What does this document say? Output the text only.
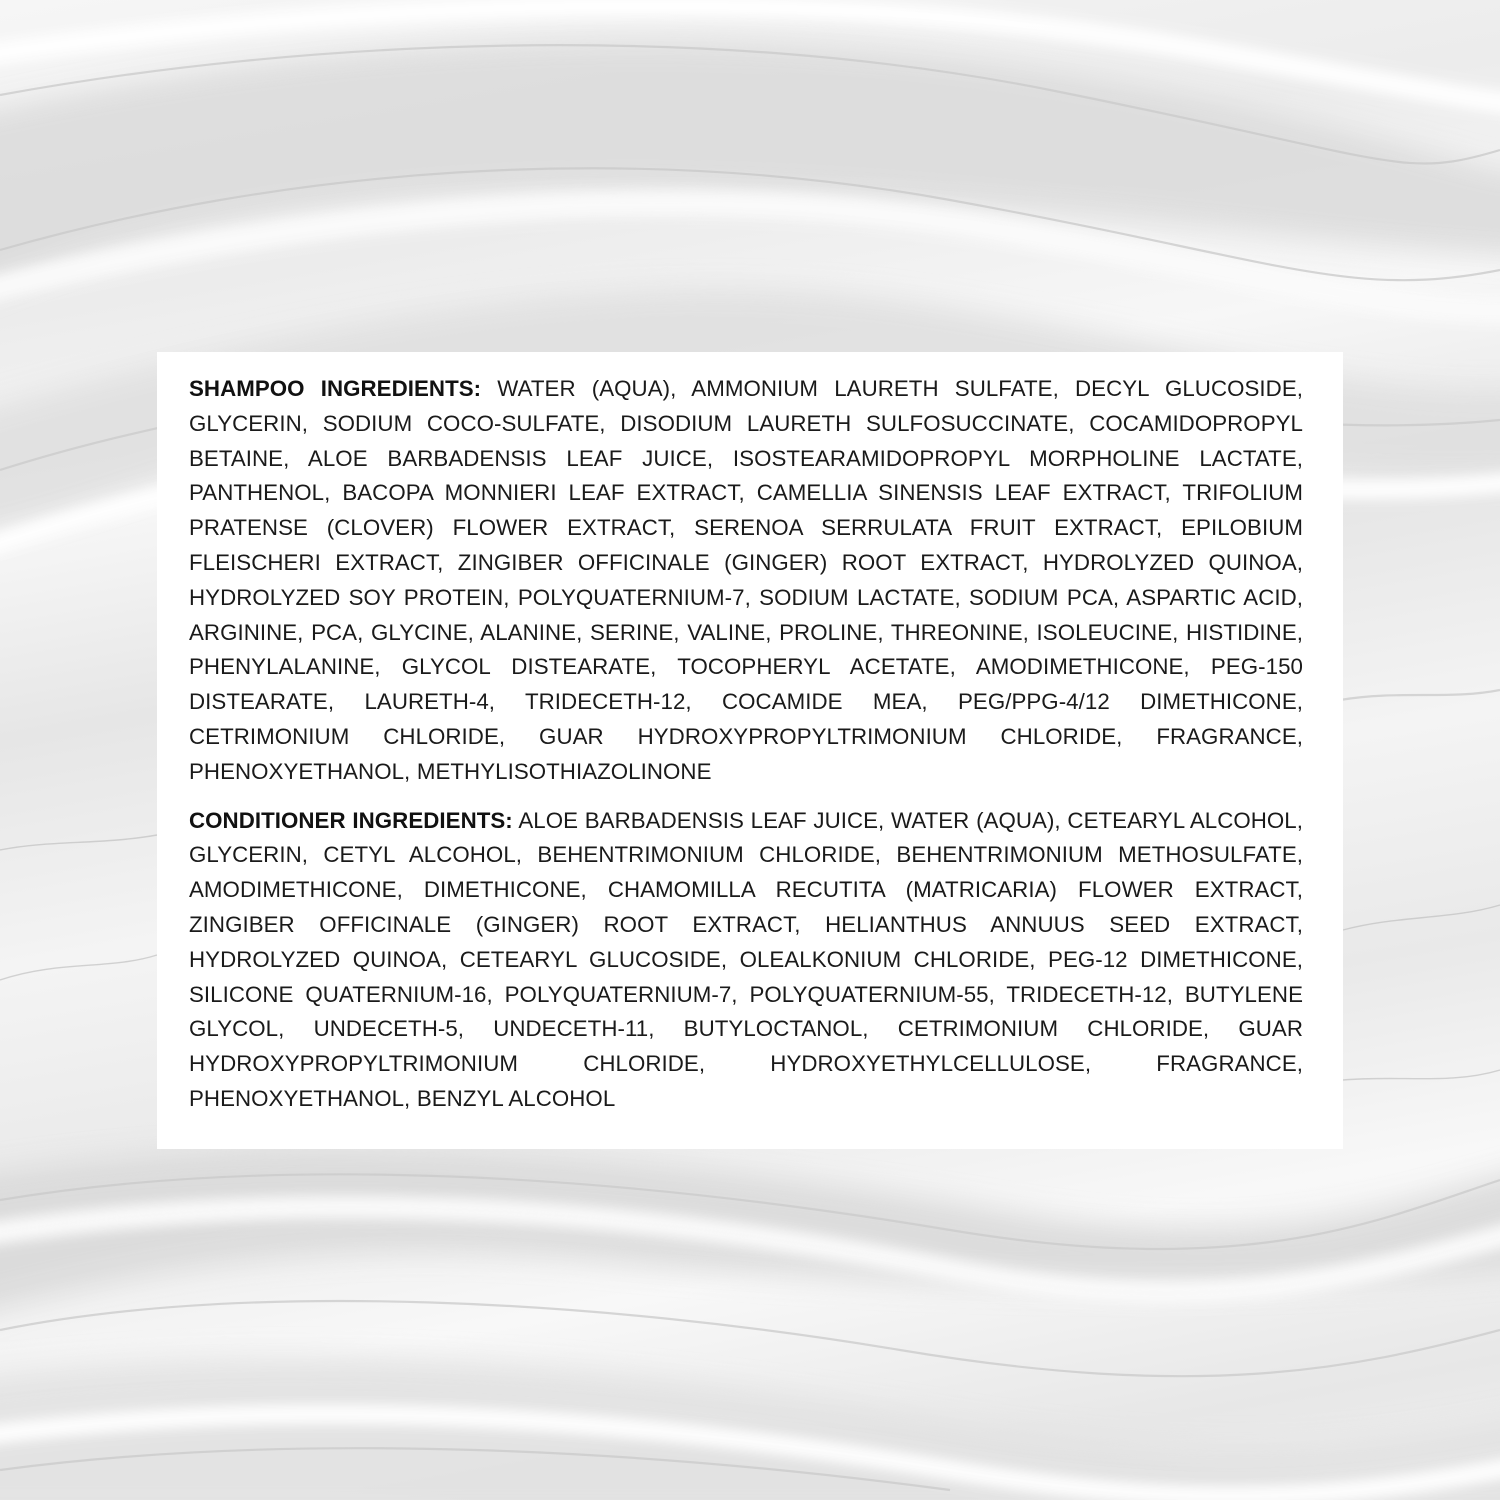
SHAMPOO INGREDIENTS: WATER (AQUA), AMMONIUM LAURETH SULFATE, DECYL GLUCOSIDE, GLYCERIN, SODIUM COCO-SULFATE, DISODIUM LAURETH SULFOSUCCINATE, COCAMIDOPROPYL BETAINE, ALOE BARBADENSIS LEAF JUICE, ISOSTEARAMIDOPROPYL MORPHOLINE LACTATE, PANTHENOL, BACOPA MONNIERI LEAF EXTRACT, CAMELLIA SINENSIS LEAF EXTRACT, TRIFOLIUM PRATENSE (CLOVER) FLOWER EXTRACT, SERENOA SERRULATA FRUIT EXTRACT, EPILOBIUM FLEISCHERI EXTRACT, ZINGIBER OFFICINALE (GINGER) ROOT EXTRACT, HYDROLYZED QUINOA, HYDROLYZED SOY PROTEIN, POLYQUATERNIUM-7, SODIUM LACTATE, SODIUM PCA, ASPARTIC ACID, ARGININE, PCA, GLYCINE, ALANINE, SERINE, VALINE, PROLINE, THREONINE, ISOLEUCINE, HISTIDINE, PHENYLALANINE, GLYCOL DISTEARATE, TOCOPHERYL ACETATE, AMODIMETHICONE, PEG-150 DISTEARATE, LAURETH-4, TRIDECETH-12, COCAMIDE MEA, PEG/PPG-4/12 DIMETHICONE, CETRIMONIUM CHLORIDE, GUAR HYDROXYPROPYLTRIMONIUM CHLORIDE, FRAGRANCE, PHENOXYETHANOL, METHYLISOTHIAZOLINONE

CONDITIONER INGREDIENTS: ALOE BARBADENSIS LEAF JUICE, WATER (AQUA), CETEARYL ALCOHOL, GLYCERIN, CETYL ALCOHOL, BEHENTRIMONIUM CHLORIDE, BEHENTRIMONIUM METHOSULFATE, AMODIMETHICONE, DIMETHICONE, CHAMOMILLA RECUTITA (MATRICARIA) FLOWER EXTRACT, ZINGIBER OFFICINALE (GINGER) ROOT EXTRACT, HELIANTHUS ANNUUS SEED EXTRACT, HYDROLYZED QUINOA, CETEARYL GLUCOSIDE, OLEALKONIUM CHLORIDE, PEG-12 DIMETHICONE, SILICONE QUATERNIUM-16, POLYQUATERNIUM-7, POLYQUATERNIUM-55, TRIDECETH-12, BUTYLENE GLYCOL, UNDECETH-5, UNDECETH-11, BUTYLOCTANOL, CETRIMONIUM CHLORIDE, GUAR HYDROXYPROPYLTRIMONIUM CHLORIDE, HYDROXYETHYLCELLULOSE, FRAGRANCE, PHENOXYETHANOL, BENZYL ALCOHOL
